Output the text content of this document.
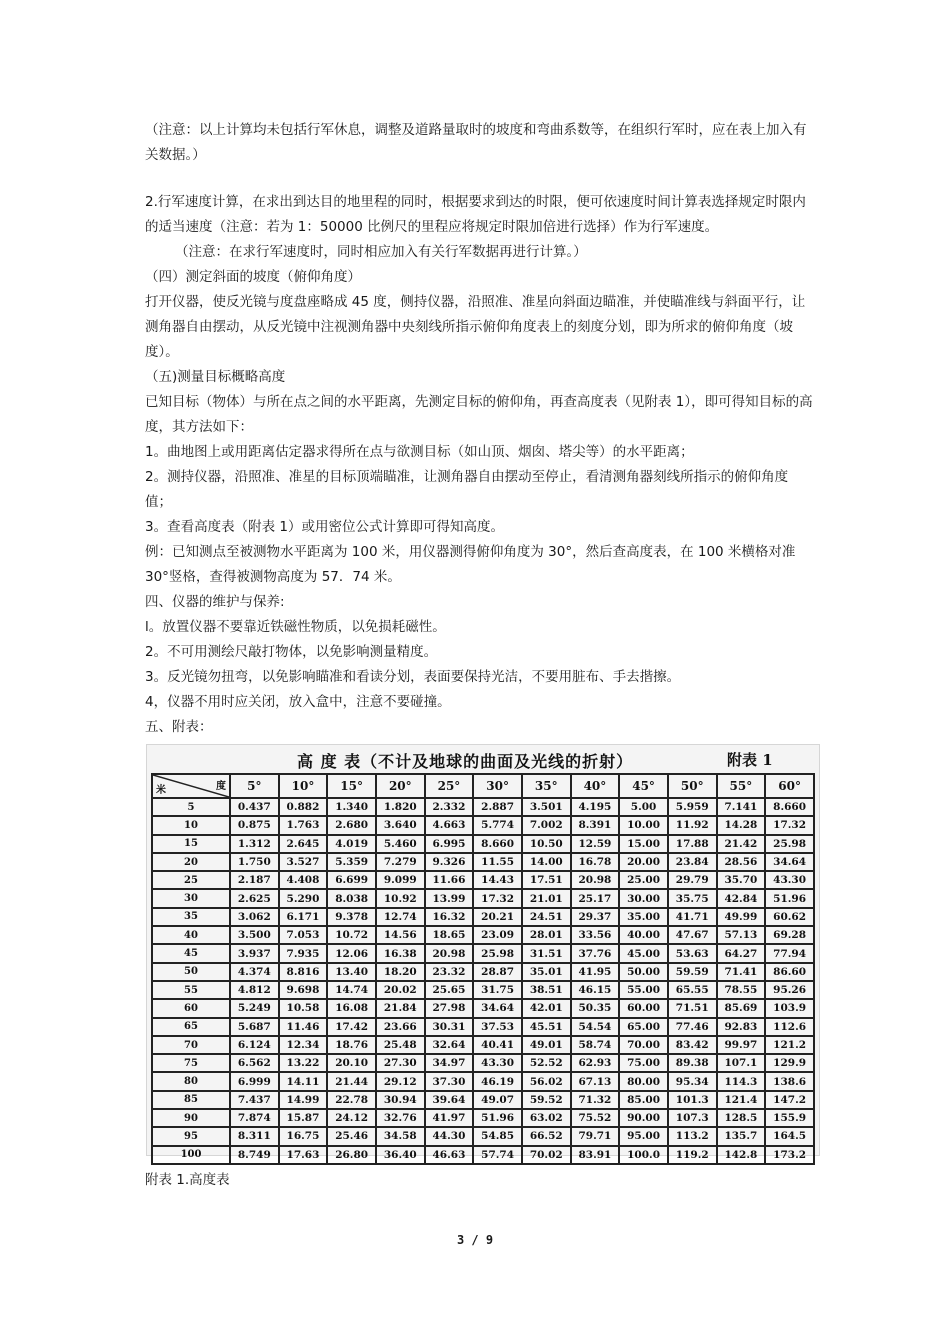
（注意：以上计算均未包括行军休息，调整及道路量取时的坡度和弯曲系数等，在组织行军时，应在表上加入有关数据。）

2.行军速度计算，在求出到达目的地里程的同时，根据要求到达的时限，便可依速度时间计算表选择规定时限内的适当速度（注意：若为 1：50000 比例尺的里程应将规定时限加倍进行选择）作为行军速度。

（注意：在求行军速度时，同时相应加入有关行军数据再进行计算。）

（四）测定斜面的坡度（俯仰角度）

打开仪器，使反光镜与度盘座略成 45 度，侧持仪器，沿照准、准星向斜面边瞄准，并使瞄准线与斜面平行，让测角器自由摆动，从反光镜中注视测角器中央刻线所指示俯仰角度表上的刻度分划，即为所求的俯仰角度（坡度）。

（五)测量目标概略高度

已知目标（物体）与所在点之间的水平距离，先测定目标的俯仰角，再查高度表（见附表 1），即可得知目标的高度，其方法如下：

1。曲地图上或用距离估定器求得所在点与欲测目标（如山顶、烟囱、塔尖等）的水平距离；

2。测持仪器，沿照准、准星的目标顶端瞄准，让测角器自由摆动至停止，看清测角器刻线所指示的俯仰角度值；

3。查看高度表（附表 1）或用密位公式计算即可得知高度。

例：已知测点至被测物水平距离为 100 米，用仪器测得俯仰角度为 30°，然后查高度表，在 100 米横格对准 30°竖格，查得被测物高度为 57．74 米。

四、仪器的维护与保养:

l。放置仪器不要靠近铁磁性物质，以免损耗磁性。

2。不可用测绘尺敲打物体，以免影响测量精度。

3。反光镜勿扭弯，以免影响瞄准和看读分划，表面要保持光洁，不要用脏布、手去揩擦。

4，仪器不用时应关闭，放入盒中，注意不要碰撞。

五、附表：

高 度 表（不计及地球的曲面及光线的折射）	附表 1
米 度	5°	10°	15°	20°	25°	30°	35°	40°	45°	50°	55°	60°
5	0.437	0.882	1.340	1.820	2.332	2.887	3.501	4.195	5.00	5.959	7.141	8.660
10	0.875	1.763	2.680	3.640	4.663	5.774	7.002	8.391	10.00	11.92	14.28	17.32
15	1.312	2.645	4.019	5.460	6.995	8.660	10.50	12.59	15.00	17.88	21.42	25.98
20	1.750	3.527	5.359	7.279	9.326	11.55	14.00	16.78	20.00	23.84	28.56	34.64
25	2.187	4.408	6.699	9.099	11.66	14.43	17.51	20.98	25.00	29.79	35.70	43.30
30	2.625	5.290	8.038	10.92	13.99	17.32	21.01	25.17	30.00	35.75	42.84	51.96
35	3.062	6.171	9.378	12.74	16.32	20.21	24.51	29.37	35.00	41.71	49.99	60.62
40	3.500	7.053	10.72	14.56	18.65	23.09	28.01	33.56	40.00	47.67	57.13	69.28
45	3.937	7.935	12.06	16.38	20.98	25.98	31.51	37.76	45.00	53.63	64.27	77.94
50	4.374	8.816	13.40	18.20	23.32	28.87	35.01	41.95	50.00	59.59	71.41	86.60
55	4.812	9.698	14.74	20.02	25.65	31.75	38.51	46.15	55.00	65.55	78.55	95.26
60	5.249	10.58	16.08	21.84	27.98	34.64	42.01	50.35	60.00	71.51	85.69	103.9
65	5.687	11.46	17.42	23.66	30.31	37.53	45.51	54.54	65.00	77.46	92.83	112.6
70	6.124	12.34	18.76	25.48	32.64	40.41	49.01	58.74	70.00	83.42	99.97	121.2
75	6.562	13.22	20.10	27.30	34.97	43.30	52.52	62.93	75.00	89.38	107.1	129.9
80	6.999	14.11	21.44	29.12	37.30	46.19	56.02	67.13	80.00	95.34	114.3	138.6
85	7.437	14.99	22.78	30.94	39.64	49.07	59.52	71.32	85.00	101.3	121.4	147.2
90	7.874	15.87	24.12	32.76	41.97	51.96	63.02	75.52	90.00	107.3	128.5	155.9
95	8.311	16.75	25.46	34.58	44.30	54.85	66.52	79.71	95.00	113.2	135.7	164.5
100	8.749	17.63	26.80	36.40	46.63	57.74	70.02	83.91	100.0	119.2	142.8	173.2
附表 1.高度表
3 / 9
